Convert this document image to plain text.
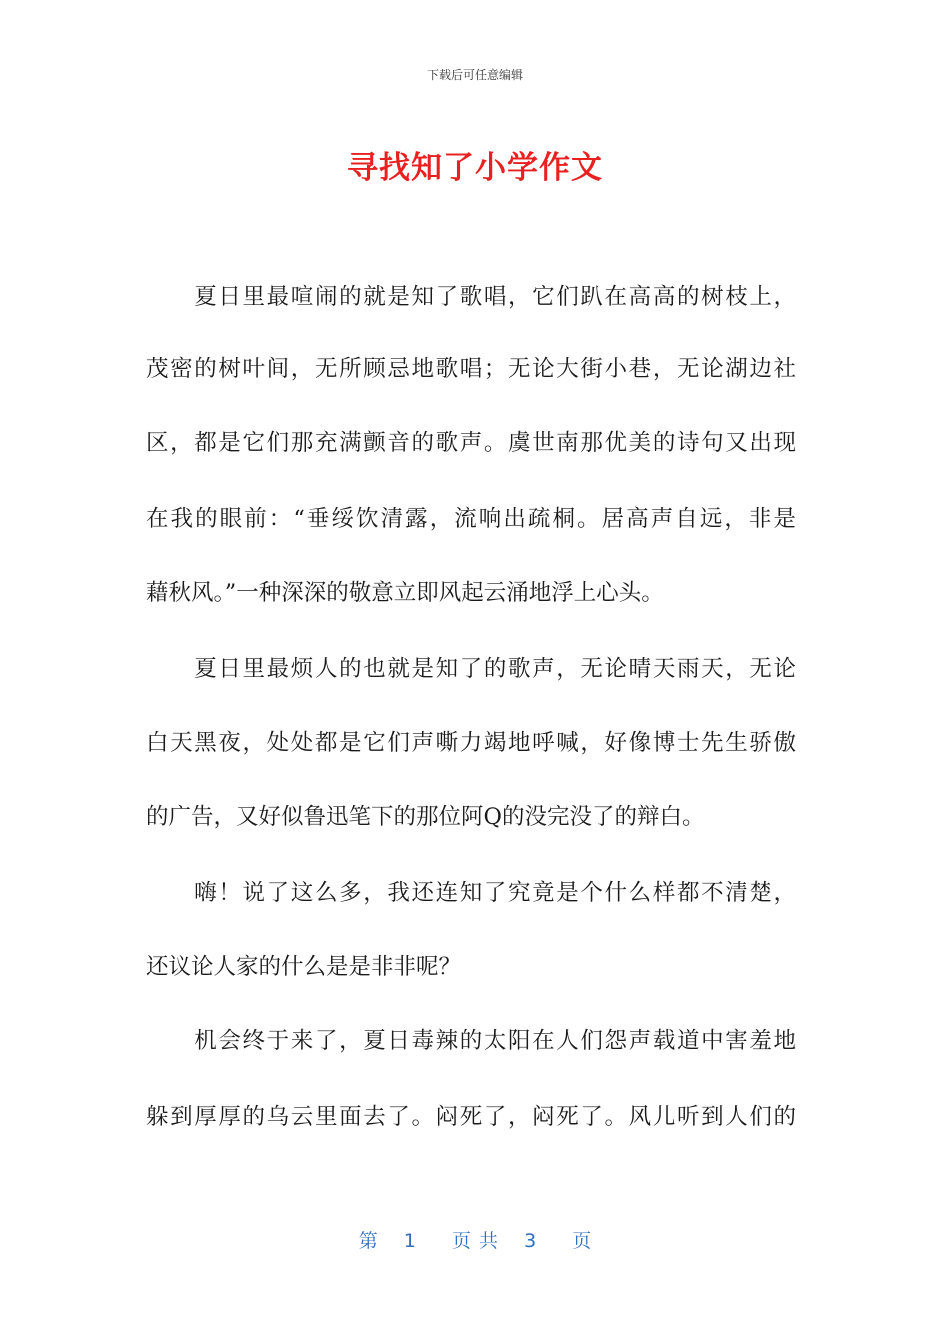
下载后可任意编辑
寻找知了小学作文
　　夏日里最喧闹的就是知了歌唱，它们趴在高高的树枝上，
茂密的树叶间，无所顾忌地歌唱；无论大街小巷，无论湖边社
区，都是它们那充满颤音的歌声。虞世南那优美的诗句又出现
在我的眼前：“垂绥饮清露，流响出疏桐。居高声自远，非是
藉秋风。”一种深深的敬意立即风起云涌地浮上心头。
　　夏日里最烦人的也就是知了的歌声，无论晴天雨天，无论
白天黑夜，处处都是它们声嘶力竭地呼喊，好像博士先生骄傲
的广告，又好似鲁迅笔下的那位阿Q的没完没了的辩白。
　　嗨！说了这么多，我还连知了究竟是个什么样都不清楚，
还议论人家的什么是是非非呢？
　　机会终于来了，夏日毒辣的太阳在人们怨声载道中害羞地
躲到厚厚的乌云里面去了。闷死了，闷死了。风儿听到人们的
第 1 页共 3 页
